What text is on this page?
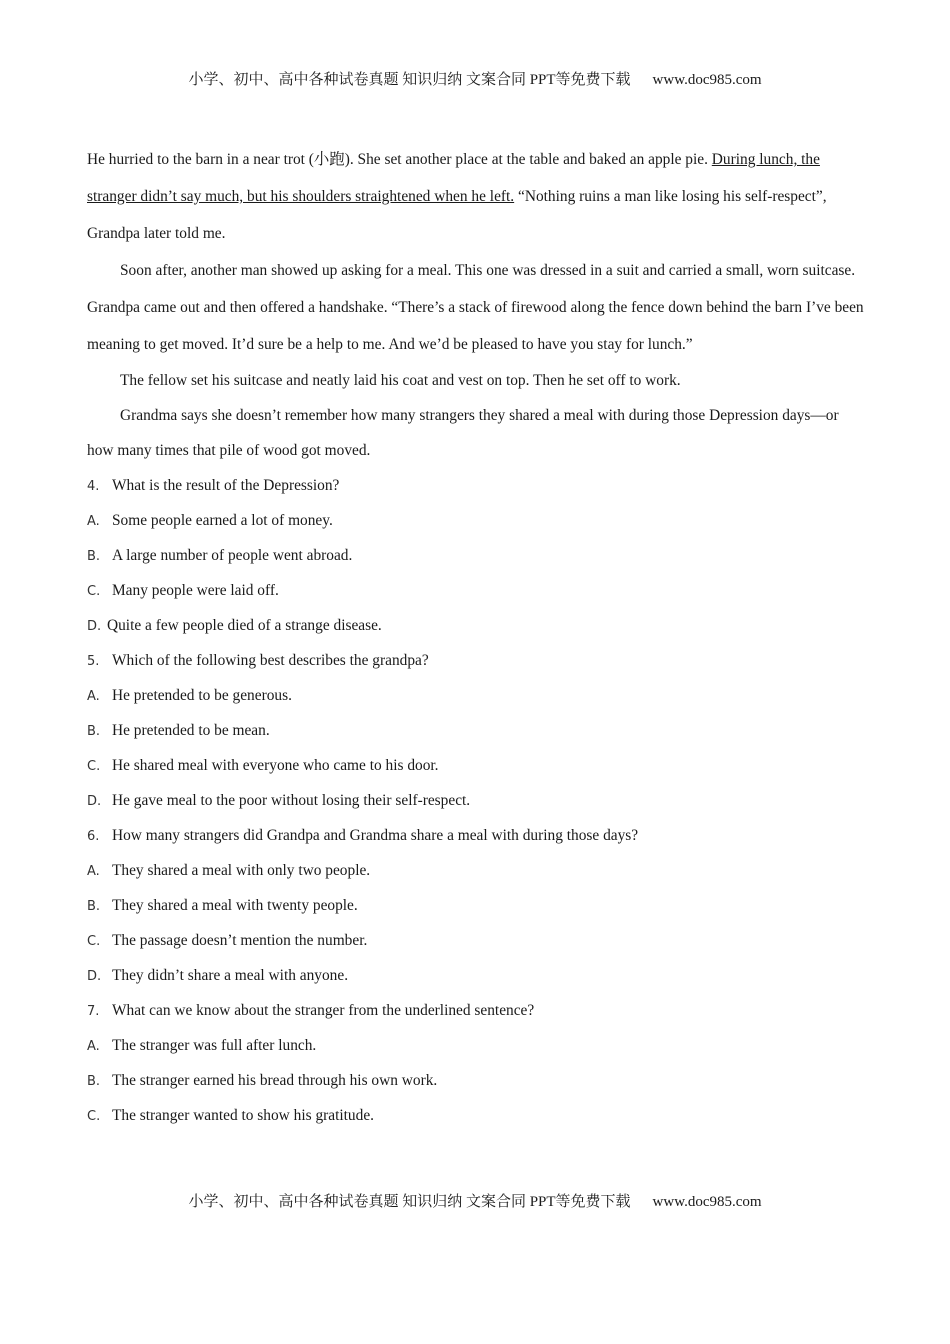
小学、初中、高中各种试卷真题 知识归纳 文案合同 PPT等免费下载 www.doc985.com

He hurried to the barn in a near trot (小跑). She set another place at the table and baked an apple pie. During lunch, the stranger didn’t say much, but his shoulders straightened when he left. “Nothing ruins a man like losing his self-respect”, Grandpa later told me.

Soon after, another man showed up asking for a meal. This one was dressed in a suit and carried a small, worn suitcase. Grandpa came out and then offered a handshake. “There’s a stack of firewood along the fence down behind the barn I’ve been meaning to get moved. It’d sure be a help to me. And we’d be pleased to have you stay for lunch.”

The fellow set his suitcase and neatly laid his coat and vest on top. Then he set off to work.

Grandma says she doesn’t remember how many strangers they shared a meal with during those Depression days—or how many times that pile of wood got moved.

4. What is the result of the Depression?
A. Some people earned a lot of money.
B. A large number of people went abroad.
C. Many people were laid off.
D. Quite a few people died of a strange disease.
5. Which of the following best describes the grandpa?
A. He pretended to be generous.
B. He pretended to be mean.
C. He shared meal with everyone who came to his door.
D. He gave meal to the poor without losing their self-respect.
6. How many strangers did Grandpa and Grandma share a meal with during those days?
A. They shared a meal with only two people.
B. They shared a meal with twenty people.
C. The passage doesn’t mention the number.
D. They didn’t share a meal with anyone.
7. What can we know about the stranger from the underlined sentence?
A. The stranger was full after lunch.
B. The stranger earned his bread through his own work.
C. The stranger wanted to show his gratitude.
小学、初中、高中各种试卷真题 知识归纳 文案合同 PPT等免费下载 www.doc985.com
